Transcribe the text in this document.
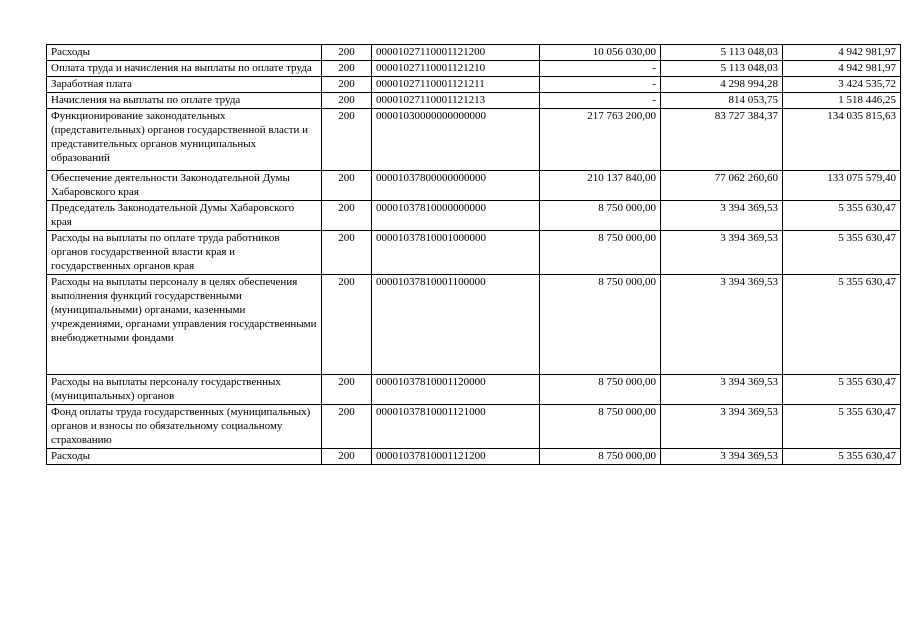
Расходы	200	00001027110001121200	10 056 030,00	5 113 048,03	4 942 981,97
Оплата труда и начисления на выплаты по оплате труда	200	00001027110001121210	-	5 113 048,03	4 942 981,97
Заработная плата	200	00001027110001121211	-	4 298 994,28	3 424 535,72
Начисления на выплаты по оплате труда	200	00001027110001121213	-	814 053,75	1 518 446,25
Функционирование законодательных (представительных) органов государственной власти и представительных органов муниципальных образований	200	00001030000000000000	217 763 200,00	83 727 384,37	134 035 815,63
Обеспечение деятельности Законодательной Думы Хабаровского края	200	00001037800000000000	210 137 840,00	77 062 260,60	133 075 579,40
Председатель Законодательной Думы Хабаровского края	200	00001037810000000000	8 750 000,00	3 394 369,53	5 355 630,47
Расходы на выплаты по оплате труда работников органов государственной власти края и государственных органов края	200	00001037810001000000	8 750 000,00	3 394 369,53	5 355 630,47
Расходы на выплаты персоналу в целях обеспечения выполнения функций государственными (муниципальными) органами, казенными учреждениями, органами управления государственными внебюджетными фондами	200	00001037810001100000	8 750 000,00	3 394 369,53	5 355 630,47
Расходы на выплаты персоналу государственных (муниципальных) органов	200	00001037810001120000	8 750 000,00	3 394 369,53	5 355 630,47
Фонд оплаты труда государственных (муниципальных) органов и взносы по обязательному социальному страхованию	200	00001037810001121000	8 750 000,00	3 394 369,53	5 355 630,47
Расходы	200	00001037810001121200	8 750 000,00	3 394 369,53	5 355 630,47
